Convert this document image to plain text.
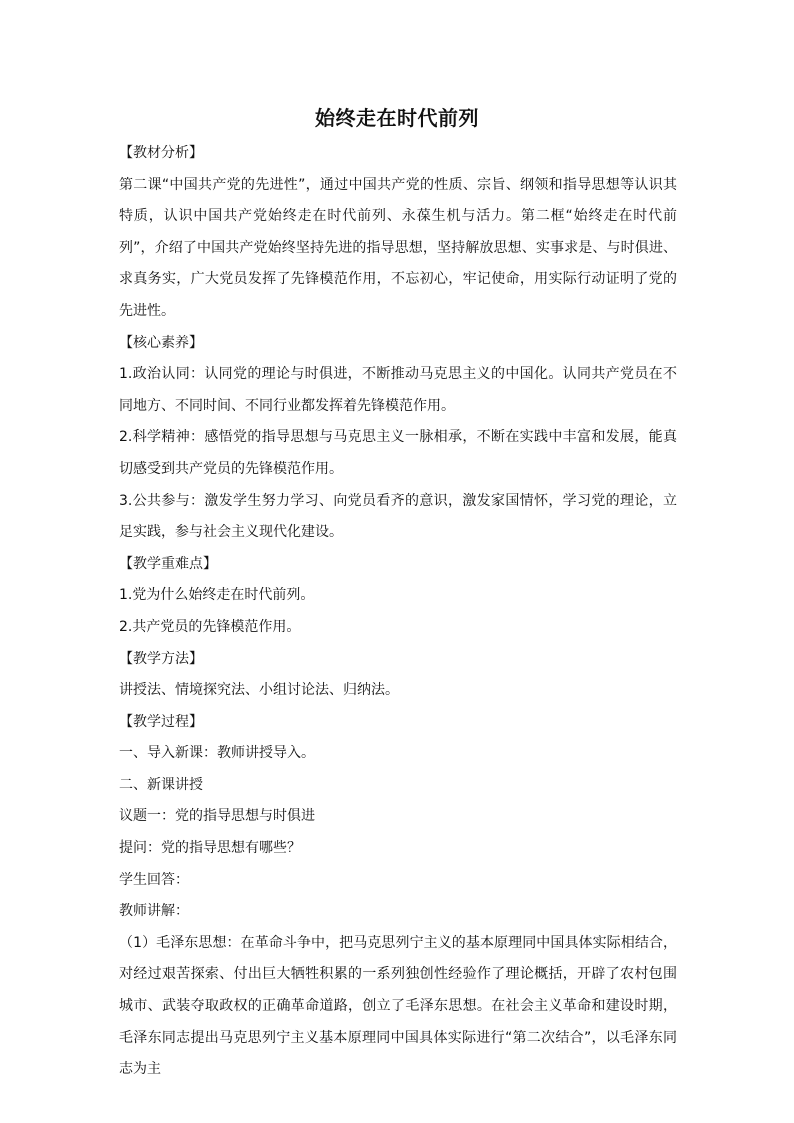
始终走在时代前列

【教材分析】

第二课“中国共产党的先进性”，通过中国共产党的性质、宗旨、纲领和指导思想等认识其特质，认识中国共产党始终走在时代前列、永葆生机与活力。第二框“始终走在时代前列”，介绍了中国共产党始终坚持先进的指导思想，坚持解放思想、实事求是、与时俱进、求真务实，广大党员发挥了先锋模范作用，不忘初心，牢记使命，用实际行动证明了党的先进性。

【核心素养】

1.政治认同：认同党的理论与时俱进，不断推动马克思主义的中国化。认同共产党员在不同地方、不同时间、不同行业都发挥着先锋模范作用。

2.科学精神：感悟党的指导思想与马克思主义一脉相承，不断在实践中丰富和发展，能真切感受到共产党员的先锋模范作用。

3.公共参与：激发学生努力学习、向党员看齐的意识，激发家国情怀，学习党的理论，立足实践，参与社会主义现代化建设。

【教学重难点】

1.党为什么始终走在时代前列。

2.共产党员的先锋模范作用。

【教学方法】

讲授法、情境探究法、小组讨论法、归纳法。

【教学过程】

一、导入新课：教师讲授导入。

二、新课讲授

议题一：党的指导思想与时俱进

提问：党的指导思想有哪些？

学生回答：

教师讲解：

（1）毛泽东思想：在革命斗争中，把马克思列宁主义的基本原理同中国具体实际相结合，对经过艰苦探索、付出巨大牺牲积累的一系列独创性经验作了理论概括，开辟了农村包围城市、武装夺取政权的正确革命道路，创立了毛泽东思想。在社会主义革命和建设时期，毛泽东同志提出马克思列宁主义基本原理同中国具体实际进行“第二次结合”，以毛泽东同志为主
